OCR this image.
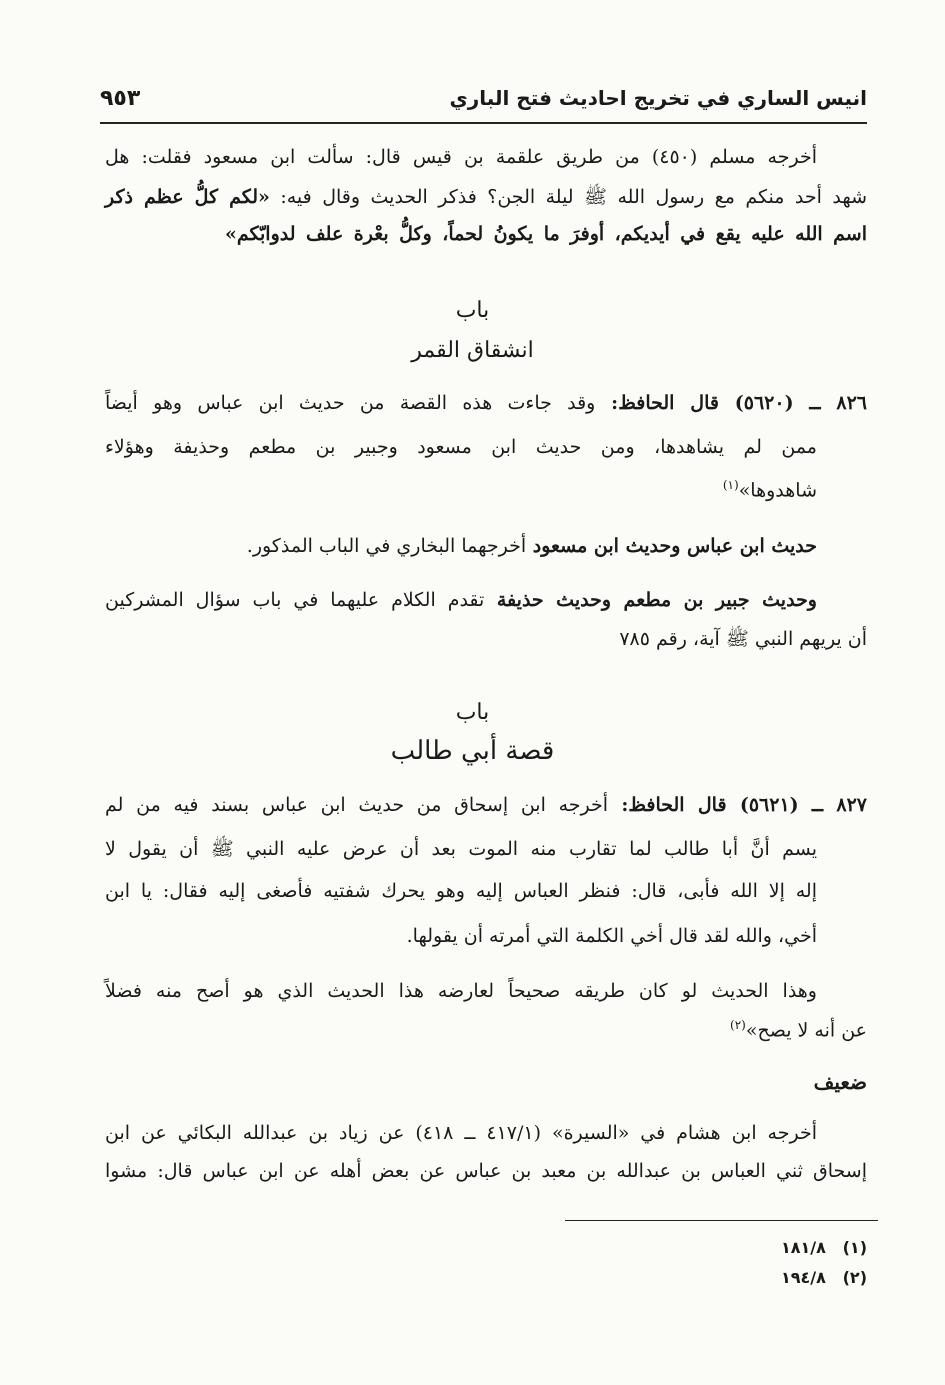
انيس الساري في تخريج احاديث فتح الباري
٩٥٣
أخرجه مسلم (٤٥٠) من طريق علقمة بن قيس قال: سألت ابن مسعود فقلت: هل
شهد أحد منكم مع رسول الله ﷺ ليلة الجن؟ فذكر الحديث وقال فيه: «لكم كلُّ عظم ذكر
اسم الله عليه يقع في أيديكم، أوفرَ ما يكونُ لحماً، وكلُّ بعْرة علف لدوابّكم»
باب
انشقاق القمر
٨٢٦ ــ (٥٦٢٠) قال الحافظ: وقد جاءت هذه القصة من حديث ابن عباس وهو أيضاً
ممن لم يشاهدها، ومن حديث ابن مسعود وجبير بن مطعم وحذيفة وهؤلاء
شاهدوها»$^{(١)}$
حديث ابن عباس وحديث ابن مسعود أخرجهما البخاري في الباب المذكور.
وحديث جبير بن مطعم وحديث حذيفة تقدم الكلام عليهما في باب سؤال المشركين
أن يريهم النبي ﷺ آية، رقم ٧٨٥
باب
قصة أبي طالب
٨٢٧ ــ (٥٦٢١) قال الحافظ: أخرجه ابن إسحاق من حديث ابن عباس بسند فيه من لم
يسم أنَّ أبا طالب لما تقارب منه الموت بعد أن عرض عليه النبي ﷺ أن يقول لا
إله إلا الله فأبى، قال: فنظر العباس إليه وهو يحرك شفتيه فأصغى إليه فقال: يا ابن
أخي، والله لقد قال أخي الكلمة التي أمرته أن يقولها.
وهذا الحديث لو كان طريقه صحيحاً لعارضه هذا الحديث الذي هو أصح منه فضلاً
عن أنه لا يصح»$^{(٢)}$
ضعيف
أخرجه ابن هشام في «السيرة» (٤١٧/١ ــ ٤١٨) عن زياد بن عبدالله البكائي عن ابن
إسحاق ثني العباس بن عبدالله بن معبد بن عباس عن بعض أهله عن ابن عباس قال: مشوا
(١)   ١٨١/٨
(٢)   ١٩٤/٨
